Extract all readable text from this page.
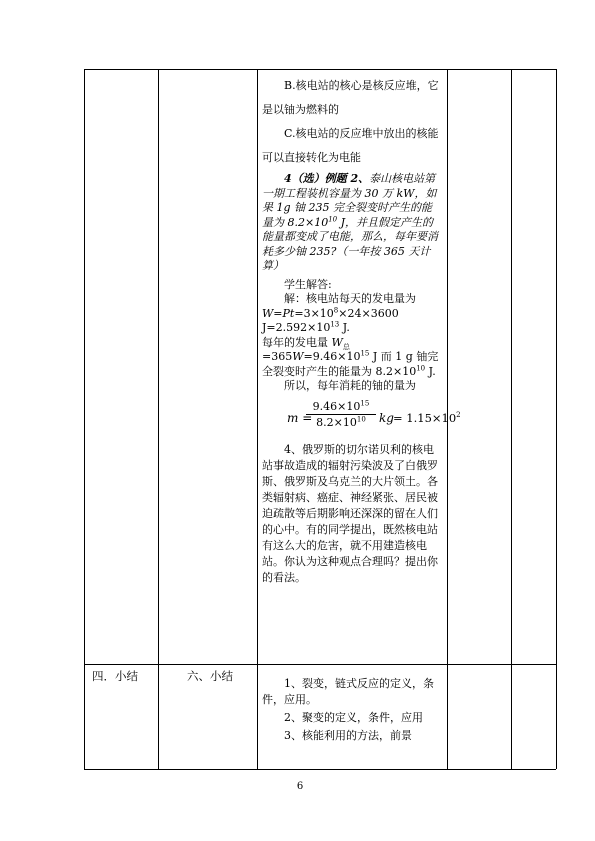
B.核电站的核心是核反应堆，它是以铀为燃料的

C.核电站的反应堆中放出的核能可以直接转化为电能

4（选）例题 2、泰山核电站第一期工程装机容量为 30 万 kW，如果 1g 铀 235 完全裂变时产生的能量为 $8.2\times 10^{10}$ J，并且假定产生的能量都变成了电能，那么，每年要消耗多少铀 235?（一年按 365 天计算）

学生解答:

解：核电站每天的发电量为 $W=Pt=3\times 10^8\times 24\times 3600$ $J=2.592\times 10^{13}$ J.

每年的发电量 $W_总=365W=9.46\times 10^{15}$ J 而 1 g 铀完全裂变时产生的能量为 $8.2\times 10^{10}$ J.

所以，每年消耗的铀的量为

m =
$\frac{9.46\times 10^{15}}{8.2\times 10^{10}}$ kg = $1.15\times 10^2$

4、俄罗斯的切尔诺贝利的核电站事故造成的辐射污染波及了白俄罗斯、俄罗斯及乌克兰的大片领土。各类辐射病、癌症、神经紧张、居民被迫疏散等后期影响还深深的留在人们的心中。有的同学提出，既然核电站有这么大的危害，就不用建造核电站。你认为这种观点合理吗？提出你的看法。

四．小结	六、小结

1、裂变，链式反应的定义，条件，应用。

2、聚变的定义，条件，应用

3、核能利用的方法，前景

6
